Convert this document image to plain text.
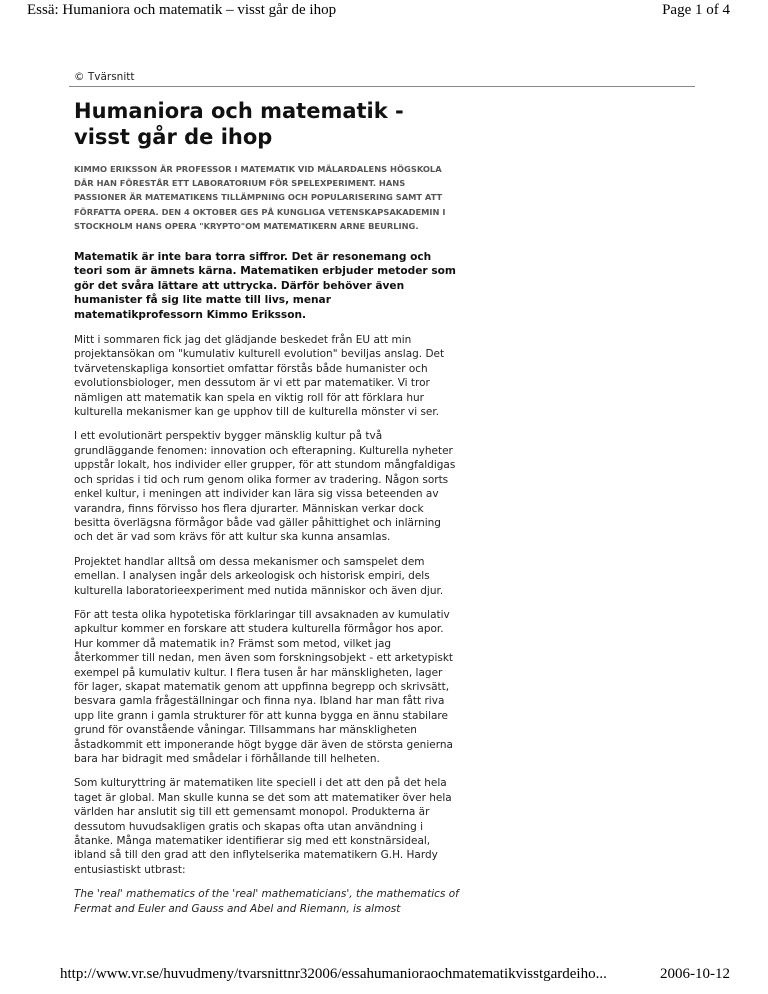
Essä: Humaniora och matematik – visst går de ihop	Page 1 of 4
© Tvärsnitt
Humaniora och matematik - visst går de ihop

KIMMO ERIKSSON ÄR PROFESSOR I MATEMATIK VID MÄLARDALENS HÖGSKOLA DÄR HAN FÖRESTÅR ETT LABORATORIUM FÖR SPELEXPERIMENT. HANS PASSIONER ÄR MATEMATIKENS TILLÄMPNING OCH POPULARISERING SAMT ATT FÖRFATTA OPERA. DEN 4 OKTOBER GES PÅ KUNGLIGA VETENSKAPSAKADEMIN I STOCKHOLM HANS OPERA "KRYPTO"OM MATEMATIKERN ARNE BEURLING.

Matematik är inte bara torra siffror. Det är resonemang och teori som är ämnets kärna. Matematiken erbjuder metoder som gör det svåra lättare att uttrycka. Därför behöver även humanister få sig lite matte till livs, menar matematikprofessorn Kimmo Eriksson.

Mitt i sommaren fick jag det glädjande beskedet från EU att min projektansökan om "kumulativ kulturell evolution" beviljas anslag. Det tvärvetenskapliga konsortiet omfattar förstås både humanister och evolutionsbiologer, men dessutom är vi ett par matematiker. Vi tror nämligen att matematik kan spela en viktig roll för att förklara hur kulturella mekanismer kan ge upphov till de kulturella mönster vi ser.

I ett evolutionärt perspektiv bygger mänsklig kultur på två grundläggande fenomen: innovation och efterapning. Kulturella nyheter uppstår lokalt, hos individer eller grupper, för att stundom mångfaldigas och spridas i tid och rum genom olika former av tradering. Någon sorts enkel kultur, i meningen att individer kan lära sig vissa beteenden av varandra, finns förvisso hos flera djurarter. Människan verkar dock besitta överlägsna förmågor både vad gäller påhittighet och inlärning och det är vad som krävs för att kultur ska kunna ansamlas.

Projektet handlar alltså om dessa mekanismer och samspelet dem emellan. I analysen ingår dels arkeologisk och historisk empiri, dels kulturella laboratorieexperiment med nutida människor och även djur.

För att testa olika hypotetiska förklaringar till avsaknaden av kumulativ apkultur kommer en forskare att studera kulturella förmågor hos apor. Hur kommer då matematik in? Främst som metod, vilket jag återkommer till nedan, men även som forskningsobjekt - ett arketypiskt exempel på kumulativ kultur. I flera tusen år har mänskligheten, lager för lager, skapat matematik genom att uppfinna begrepp och skrivsätt, besvara gamla frågeställningar och finna nya. Ibland har man fått riva upp lite grann i gamla strukturer för att kunna bygga en ännu stabilare grund för ovanstående våningar. Tillsammans har mänskligheten åstadkommit ett imponerande högt bygge där även de största genierna bara har bidragit med smådelar i förhållande till helheten.

Som kulturyttring är matematiken lite speciell i det att den på det hela taget är global. Man skulle kunna se det som att matematiker över hela världen har anslutit sig till ett gemensamt monopol. Produkterna är dessutom huvudsakligen gratis och skapas ofta utan användning i åtanke. Många matematiker identifierar sig med ett konstnärsideal, ibland så till den grad att den inflytelserika matematikern G.H. Hardy entusiastiskt utbrast:

The 'real' mathematics of the 'real' mathematicians', the mathematics of Fermat and Euler and Gauss and Abel and Riemann, is almost

http://www.vr.se/huvudmeny/tvarsnittnr32006/essahumanioraochmatematikvisstgardeiho...	2006-10-12
